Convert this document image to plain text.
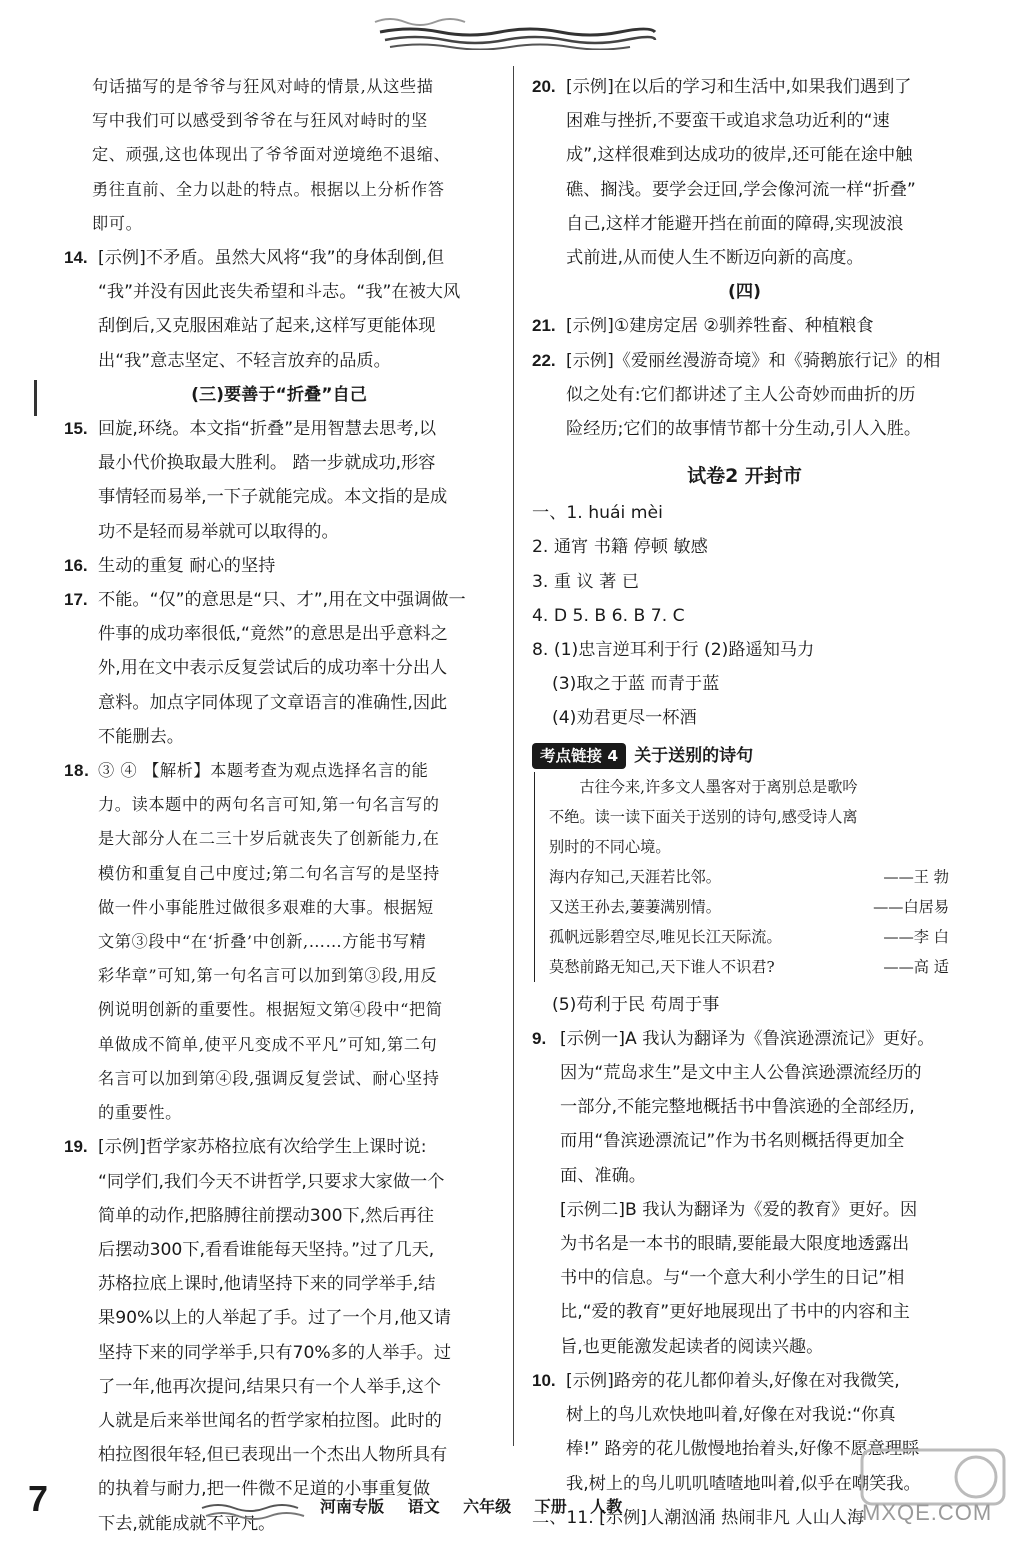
句话描写的是爷爷与狂风对峙的情景,从这些描
写中我们可以感受到爷爷在与狂风对峙时的坚
定、顽强,这也体现出了爷爷面对逆境绝不退缩、
勇往直前、全力以赴的特点。根据以上分析作答
即可。
14. [示例]不矛盾。虽然大风将“我”的身体刮倒,但
“我”并没有因此丧失希望和斗志。“我”在被大风
刮倒后,又克服困难站了起来,这样写更能体现
出“我”意志坚定、不轻言放弃的品质。
(三)要善于“折叠”自己
15. 回旋,环绕。本文指“折叠”是用智慧去思考,以
最小代价换取最大胜利。 踏一步就成功,形容
事情轻而易举,一下子就能完成。本文指的是成
功不是轻而易举就可以取得的。
16. 生动的重复 耐心的坚持
17. 不能。“仅”的意思是“只、才”,用在文中强调做一
件事的成功率很低,“竟然”的意思是出乎意料之
外,用在文中表示反复尝试后的成功率十分出人
意料。加点字同体现了文章语言的准确性,因此
不能删去。
18. ③ ④ 【解析】本题考查为观点选择名言的能
力。读本题中的两句名言可知,第一句名言写的
是大部分人在二三十岁后就丧失了创新能力,在
模仿和重复自己中度过;第二句名言写的是坚持
做一件小事能胜过做很多艰难的大事。根据短
文第③段中“在‘折叠’中创新,……方能书写精
彩华章”可知,第一句名言可以加到第③段,用反
例说明创新的重要性。根据短文第④段中“把简
单做成不简单,使平凡变成不平凡”可知,第二句
名言可以加到第④段,强调反复尝试、耐心坚持
的重要性。
19. [示例]哲学家苏格拉底有次给学生上课时说:
“同学们,我们今天不讲哲学,只要求大家做一个
简单的动作,把胳膊往前摆动300下,然后再往
后摆动300下,看看谁能每天坚持。”过了几天,
苏格拉底上课时,他请坚持下来的同学举手,结
果90%以上的人举起了手。过了一个月,他又请
坚持下来的同学举手,只有70%多的人举手。过
了一年,他再次提问,结果只有一个人举手,这个
人就是后来举世闻名的哲学家柏拉图。此时的
柏拉图很年轻,但已表现出一个杰出人物所具有
的执着与耐力,把一件微不足道的小事重复做
下去,就能成就不平凡。
20. [示例]在以后的学习和生活中,如果我们遇到了
困难与挫折,不要蛮干或追求急功近利的“速
成”,这样很难到达成功的彼岸,还可能在途中触
礁、搁浅。要学会迂回,学会像河流一样“折叠”
自己,这样才能避开挡在前面的障碍,实现波浪
式前进,从而使人生不断迈向新的高度。
(四)
21. [示例]①建房定居 ②驯养牲畜、种植粮食
22. [示例]《爱丽丝漫游奇境》和《骑鹅旅行记》的相
似之处有:它们都讲述了主人公奇妙而曲折的历
险经历;它们的故事情节都十分生动,引人入胜。
试卷2 开封市
一、1. huái mèi
2. 通宵 书籍 停顿 敏感
3. 重 议 著 已
4. D 5. B 6. B 7. C
8. (1)忠言逆耳利于行 (2)路遥知马力
(3)取之于蓝 而青于蓝
(4)劝君更尽一杯酒
考点链接 4 关于送别的诗句
古往今来,许多文人墨客对于离别总是歌吟
不绝。读一读下面关于送别的诗句,感受诗人离
别时的不同心境。
海内存知己,天涯若比邻。	——王 勃
又送王孙去,萋萋满别情。	——白居易
孤帆远影碧空尽,唯见长江天际流。	——李 白
莫愁前路无知己,天下谁人不识君?	——高 适
(5)苟利于民 苟周于事
9. [示例一]A 我认为翻译为《鲁滨逊漂流记》更好。
因为“荒岛求生”是文中主人公鲁滨逊漂流经历的
一部分,不能完整地概括书中鲁滨逊的全部经历,
而用“鲁滨逊漂流记”作为书名则概括得更加全
面、准确。
[示例二]B 我认为翻译为《爱的教育》更好。因
为书名是一本书的眼睛,要能最大限度地透露出
书中的信息。与“一个意大利小学生的日记”相
比,“爱的教育”更好地展现出了书中的内容和主
旨,也更能激发起读者的阅读兴趣。
10. [示例]路旁的花儿都仰着头,好像在对我微笑,
树上的鸟儿欢快地叫着,好像在对我说:“你真
棒!” 路旁的花儿傲慢地抬着头,好像不愿意理睬
我,树上的鸟儿叽叽喳喳地叫着,似乎在嘲笑我。
二、11. [示例]人潮汹涌 热闹非凡 人山人海
7	河南专版 语文 六年级 下册 人教	MXQE.COM
